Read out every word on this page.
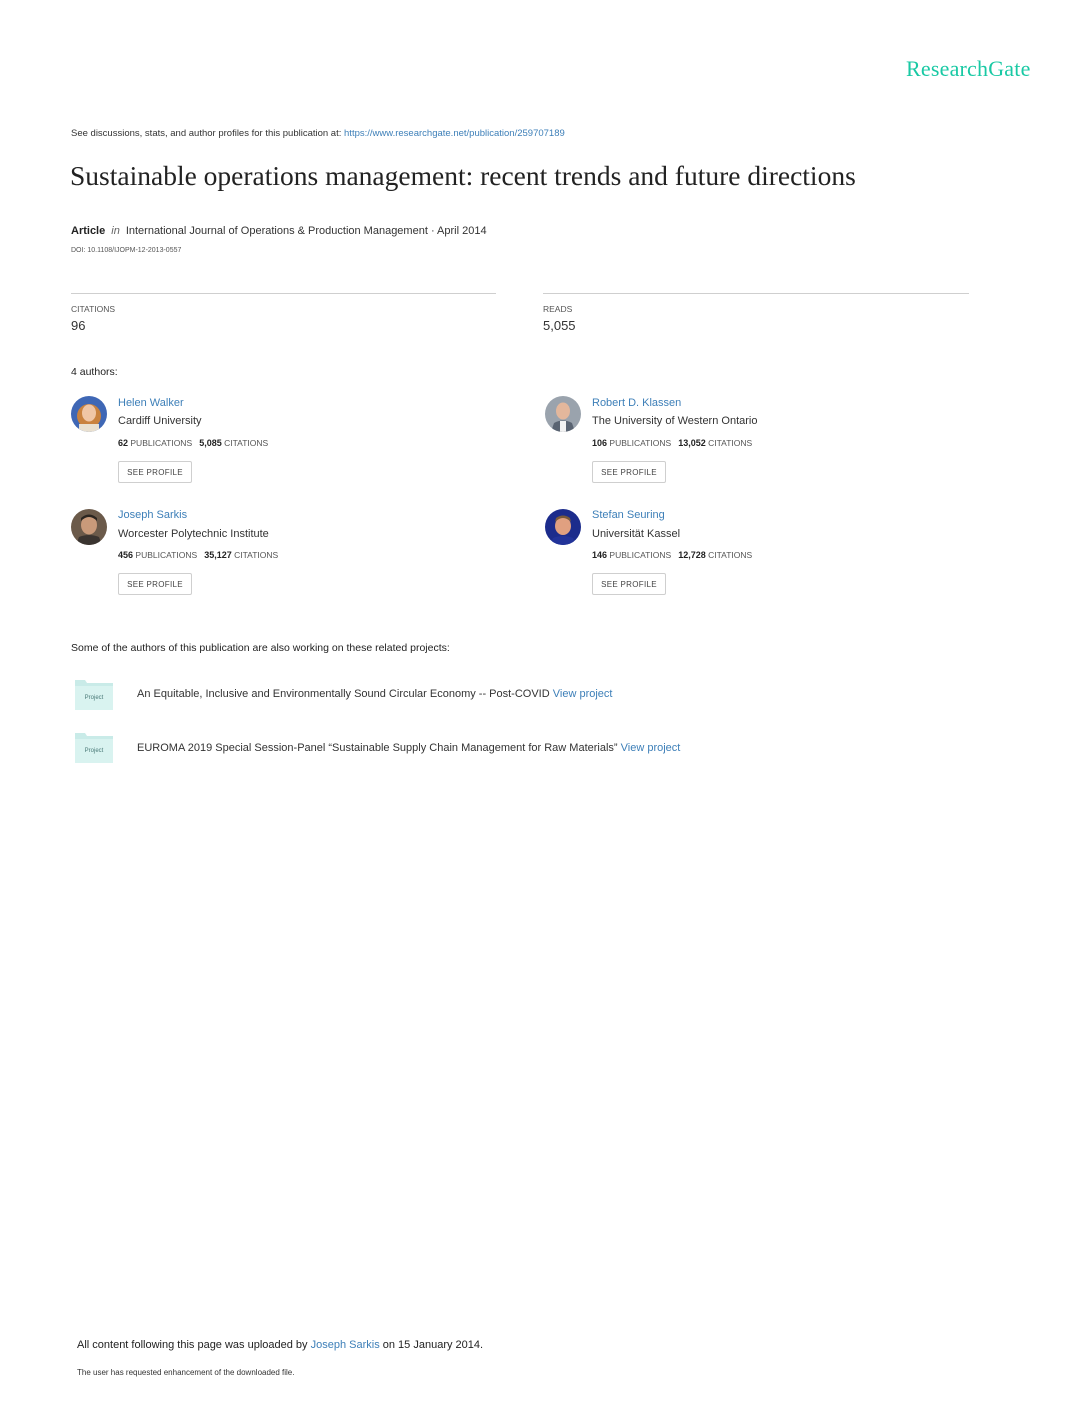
ResearchGate
See discussions, stats, and author profiles for this publication at: https://www.researchgate.net/publication/259707189
Sustainable operations management: recent trends and future directions
Article in International Journal of Operations & Production Management · April 2014
DOI: 10.1108/IJOPM-12-2013-0557
CITATIONS
96
READS
5,055
4 authors:
Helen Walker
Cardiff University
62 PUBLICATIONS 5,085 CITATIONS
SEE PROFILE
Robert D. Klassen
The University of Western Ontario
106 PUBLICATIONS 13,052 CITATIONS
SEE PROFILE
Joseph Sarkis
Worcester Polytechnic Institute
456 PUBLICATIONS 35,127 CITATIONS
SEE PROFILE
Stefan Seuring
Universität Kassel
146 PUBLICATIONS 12,728 CITATIONS
SEE PROFILE
Some of the authors of this publication are also working on these related projects:
Project	An Equitable, Inclusive and Environmentally Sound Circular Economy -- Post-COVID View project
Project	EUROMA 2019 Special Session-Panel “Sustainable Supply Chain Management for Raw Materials” View project
All content following this page was uploaded by Joseph Sarkis on 15 January 2014.
The user has requested enhancement of the downloaded file.
